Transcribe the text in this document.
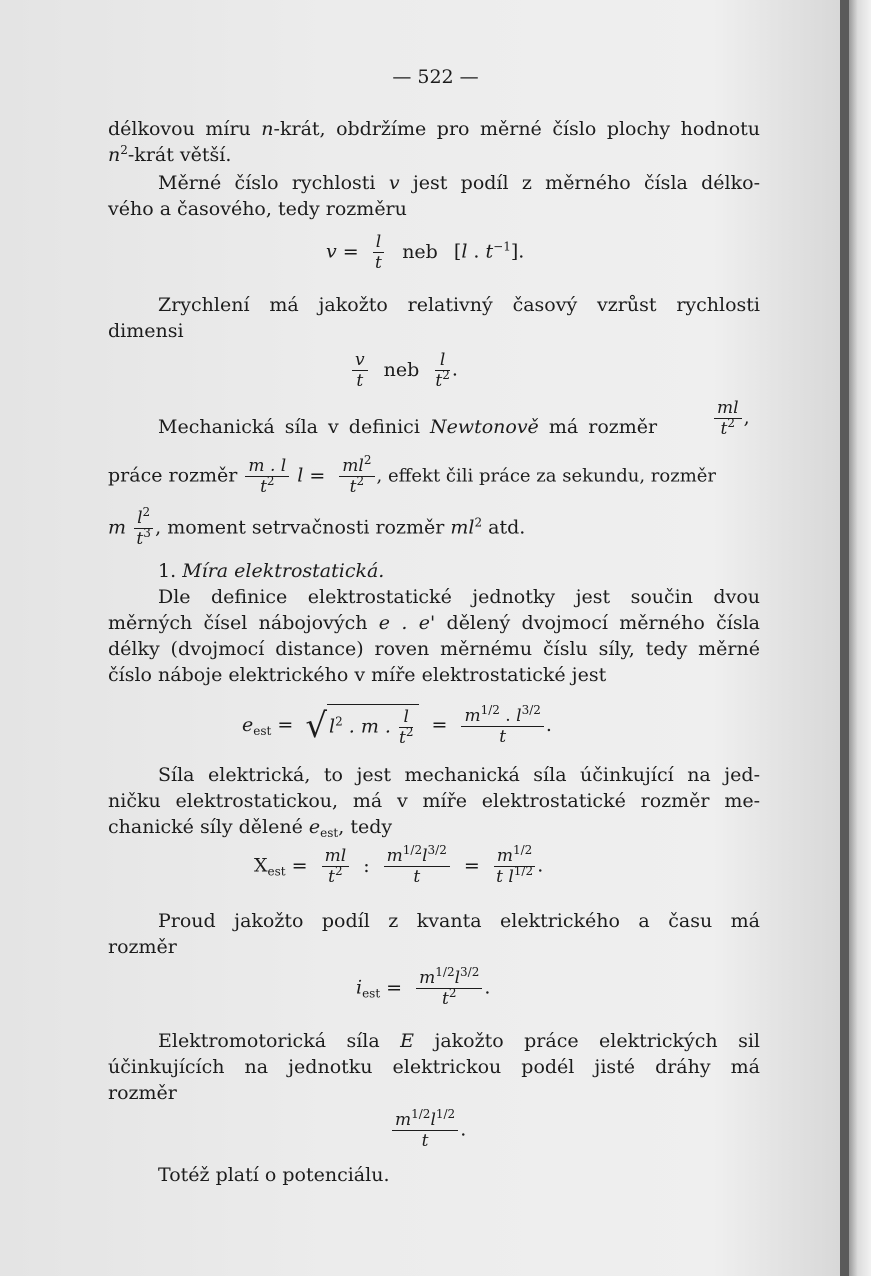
— 522 —
délkovou míru n-krát, obdržíme pro měrné číslo plochy hodnotu
$n^2$-krát větší.
Měrné číslo rychlosti v jest podíl z měrného čísla délko-
vého a časového, tedy rozměru
$v = \frac{l}{t}$ neb [l . $t^{-1}$].
Zrychlení má jakožto relativný časový vzrůst rychlosti
dimensi
$\frac{v}{t}$ neb $\frac{l}{t^2}$ .
Mechanická síla v definici Newtonově má rozměr	$\frac{ml}{t^2}$ ,
práce rozměr $\frac{m . l}{t^2}$ $l = \frac{ml^2}{t^2}$ , effekt čili práce za sekundu, rozměr
m $\frac{l^2}{t^3}$ , moment setrvačnosti rozměr $ml^2$ atd.
1. Míra elektrostatická.
Dle definice elektrostatické jednotky jest součin dvou
měrných čísel nábojových e . e' dělený dvojmocí měrného čísla
délky (dvojmocí distance) roven měrnému číslu síly, tedy měrné
číslo náboje elektrického v míře elektrostatické jest
$e_{est}$ = √ $l^2$ . m . $\frac{l}{t^2} = \frac{m^{1/2} . l^{3/2}}{t}$ .
Síla elektrická, to jest mechanická síla účinkující na jed-
ničku elektrostatickou, má v míře elektrostatické rozměr me-
chanické síly dělené $e_{est}$, tedy
$X_{est} = \frac{ml}{t^2}$ : $\frac{m^{1/2}l^{3/2}}{t} = \frac{m^{1/2}}{t l^{1/2}}$ .
Proud jakožto podíl z kvanta elektrického a času má
rozměr
$i_{est} = \frac{m^{1/2}l^{3/2}}{t^2}$ .
Elektromotorická síla E jakožto práce elektrických sil
účinkujících na jednotku elektrickou podél jisté dráhy má
rozměr
$\frac{m^{1/2}l^{1/2}}{t}$ .
Totéž platí o potenciálu.
